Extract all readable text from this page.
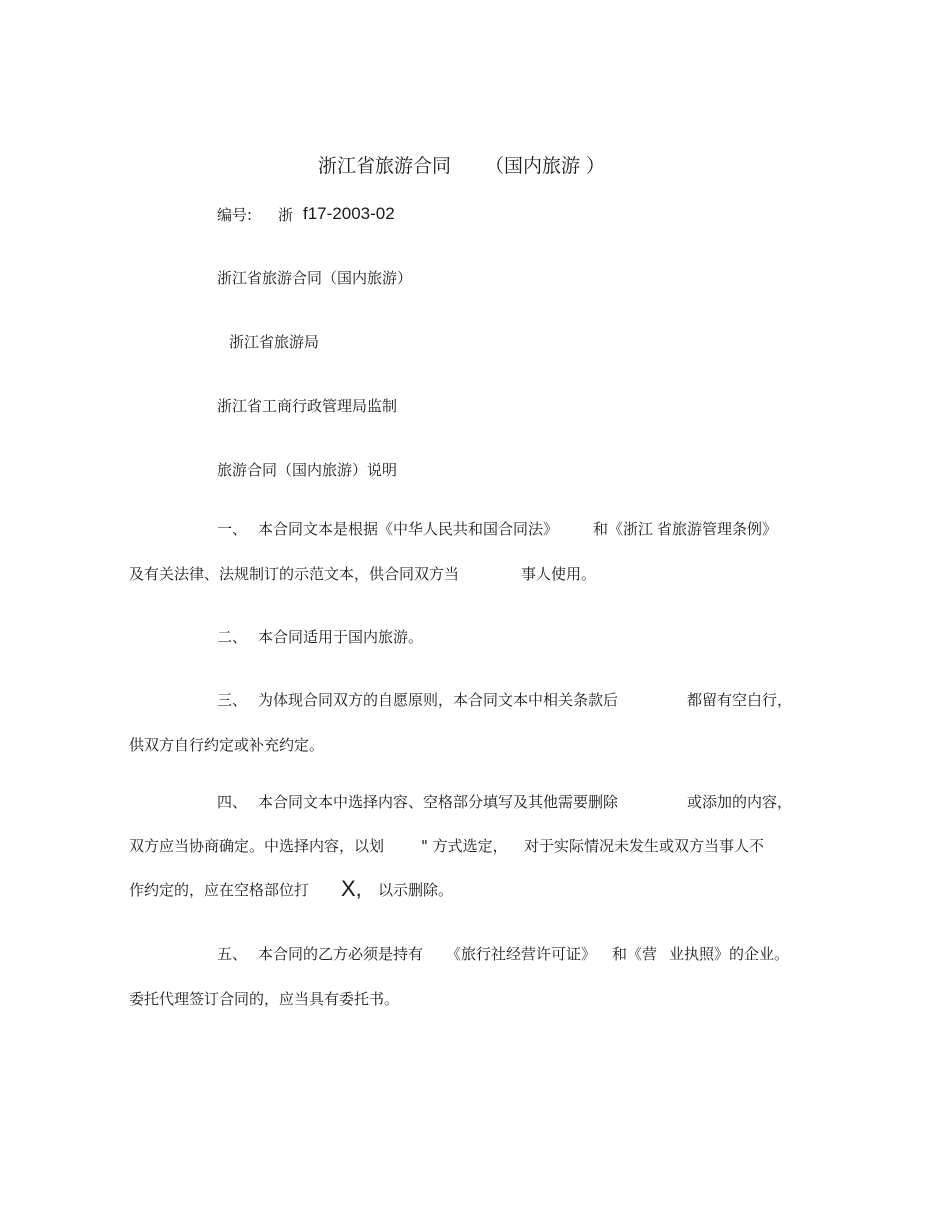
浙江省旅游合同 （国内旅游 ）
编号: 浙 f17-2003-02
浙江省旅游合同（国内旅游）
浙江省旅游局
浙江省工商行政管理局监制
旅游合同（国内旅游）说明
一、 本合同文本是根据《中华人民共和国合同法》 和《浙江 省旅游管理条例》
及有关法律、法规制订的示范文本，供合同双方当	事人使用。
二、 本合同适用于国内旅游。
三、 为体现合同双方的自愿原则，本合同文本中相关条款后	都留有空白行，
供双方自行约定或补充约定。
四、 本合同文本中选择内容、空格部分填写及其他需要删除	或添加的内容，
双方应当协商确定。中选择内容，以划 " 方式选定， 对于实际情况未发生或双方当事人不
作约定的，应在空格部位打 X, 以示删除。
五、 本合同的乙方必须是持有 《旅行社经营许可证》 和《营 业执照》的企业。
委托代理签订合同的，应当具有委托书。
